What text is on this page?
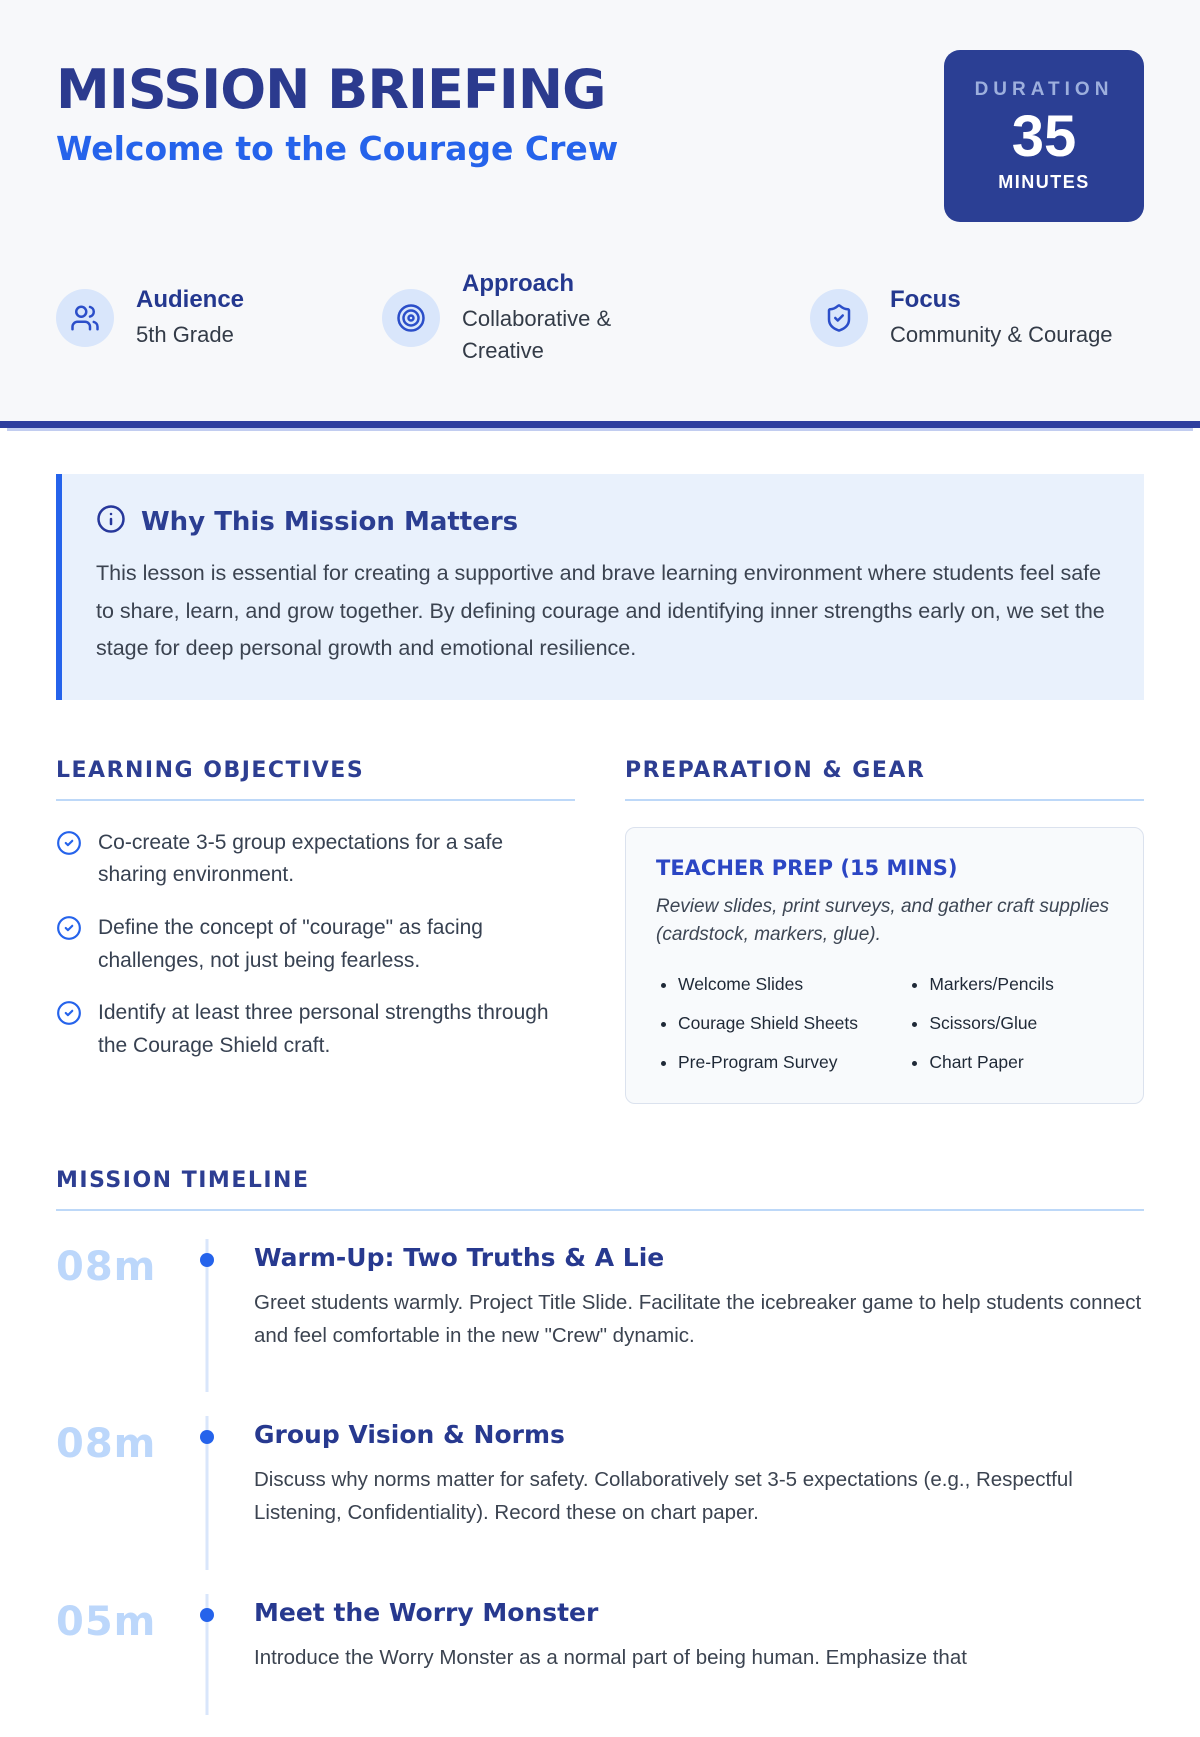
MISSION BRIEFING
Welcome to the Courage Crew
DURATION
35
MINUTES
Audience
5th Grade
Approach
Collaborative & Creative
Focus
Community & Courage
Why This Mission Matters

This lesson is essential for creating a supportive and brave learning environment where students feel safe to share, learn, and grow together. By defining courage and identifying inner strengths early on, we set the stage for deep personal growth and emotional resilience.

LEARNING OBJECTIVES
Co-create 3-5 group expectations for a safe sharing environment.
Define the concept of "courage" as facing challenges, not just being fearless.
Identify at least three personal strengths through the Courage Shield craft.
PREPARATION & GEAR
TEACHER PREP (15 MINS)
Review slides, print surveys, and gather craft supplies (cardstock, markers, glue).
• Welcome Slides
• Courage Shield Sheets
• Pre-Program Survey
• Markers/Pencils
• Scissors/Glue
• Chart Paper
MISSION TIMELINE
08m	Warm-Up: Two Truths & A Lie
Greet students warmly. Project Title Slide. Facilitate the icebreaker game to help students connect and feel comfortable in the new "Crew" dynamic.
08m	Group Vision & Norms
Discuss why norms matter for safety. Collaboratively set 3-5 expectations (e.g., Respectful Listening, Confidentiality). Record these on chart paper.
05m	Meet the Worry Monster
Introduce the Worry Monster as a normal part of being human. Emphasize that
